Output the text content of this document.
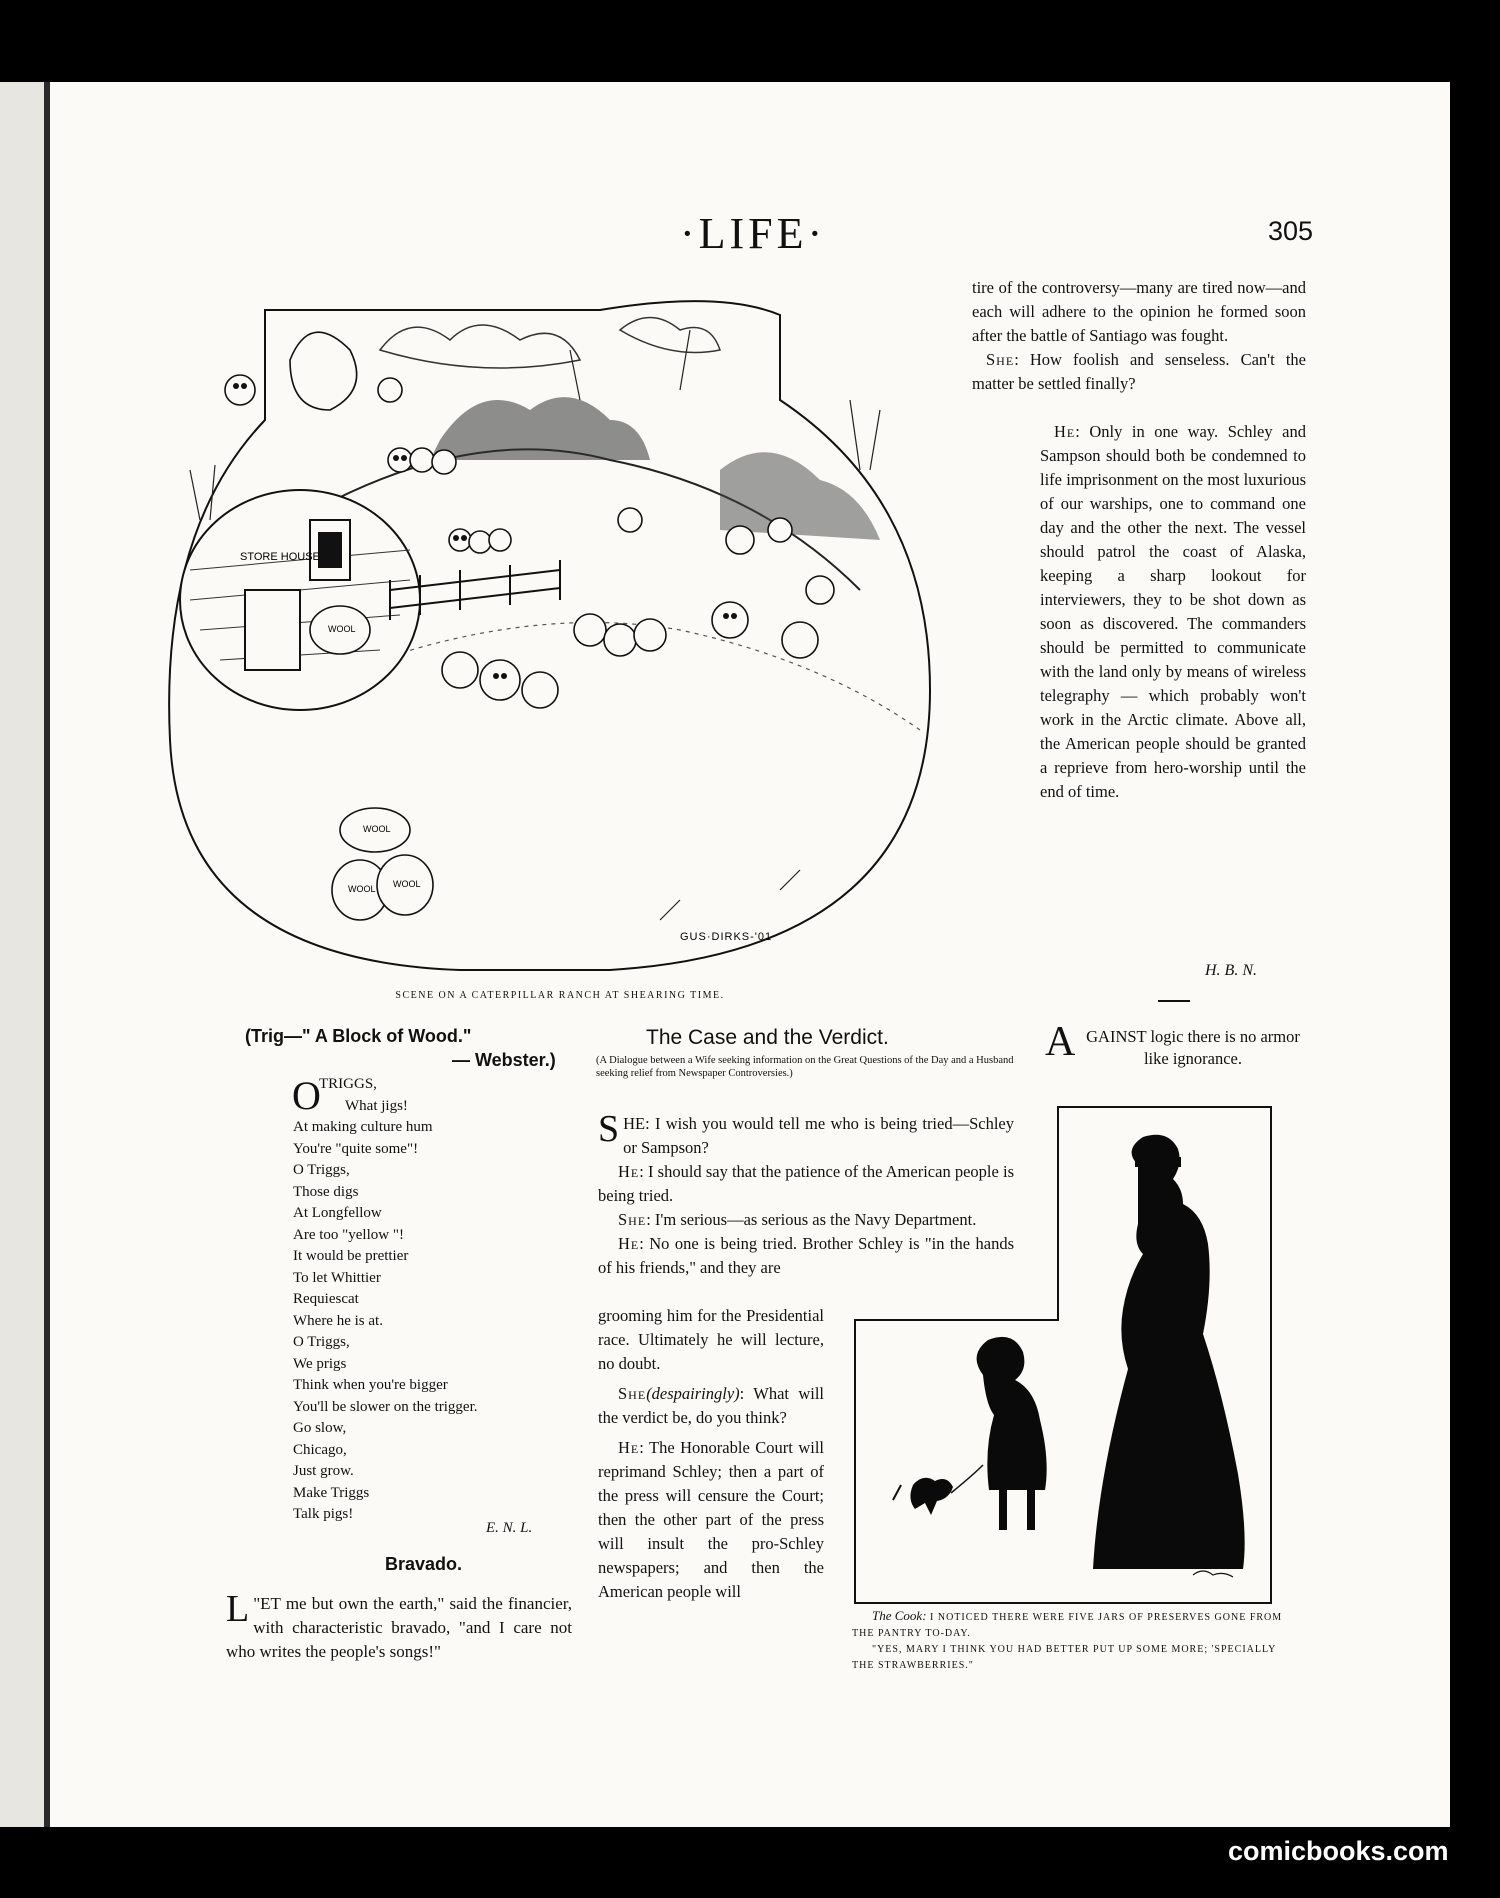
·LIFE·	305
STORE HOUSE
WOOL WOOL
WOOL
WOOL
GUS·DIRKS-'01
SCENE ON A CATERPILLAR RANCH AT SHEARING TIME.

tire of the controversy—many are tired now—and each will adhere to the opinion he formed soon after the battle of Santiago was fought.

She: How foolish and senseless. Can't the matter be settled finally?

He: Only in one way. Schley and Sampson should both be condemned to life imprisonment on the most luxurious of our warships, one to command one day and the other the next. The vessel should patrol the coast of Alaska, keeping a sharp lookout for interviewers, they to be shot down as soon as discovered. The commanders should be permitted to communicate with the land only by means of wireless telegraphy — which probably won't work in the Arctic climate. Above all, the American people should be granted a reprieve from hero-worship until the end of time.

H. B. N.
(Trig—" A Block of Wood."
— Webster.)
O
TRIGGS,
What jigs!
At making culture hum
You're "quite some"!
O Triggs,
Those digs
At Longfellow
Are too "yellow "!
It would be prettier
To let Whittier
Requiescat
Where he is at.
O Triggs,
We prigs
Think when you're bigger
You'll be slower on the trigger.
Go slow,
Chicago,
Just grow.
Make Triggs
Talk pigs!
E. N. L.
Bravado.
"
L ET me but own the earth," said the financier, with characteristic bravado, "and I care not who writes the people's songs!"
The Case and the Verdict.
(A Dialogue between a Wife seeking information on the Great Questions of the Day and a Husband seeking relief from Newspaper Controversies.)

SHE: I wish you would tell me who is being tried—Schley or Sampson?

He: I should say that the patience of the American people is being tried.

She: I'm serious—as serious as the Navy Department.

He: No one is being tried. Brother Schley is "in the hands of his friends," and they are

grooming him for the Presidential race. Ultimately he will lecture, no doubt.

She(despairingly): What will the verdict be, do you think?

He: The Honorable Court will reprimand Schley; then a part of the press will censure the Court; then the other part of the press will insult the pro-Schley newspapers; and then the American people will

A GAINST logic there is no armor like ignorance.
The Cook: I NOTICED THERE WERE FIVE JARS OF PRESERVES GONE FROM THE PANTRY TO-DAY.
"YES, MARY I THINK YOU HAD BETTER PUT UP SOME MORE; 'SPECIALLY THE STRAWBERRIES."
comicbooks.com
